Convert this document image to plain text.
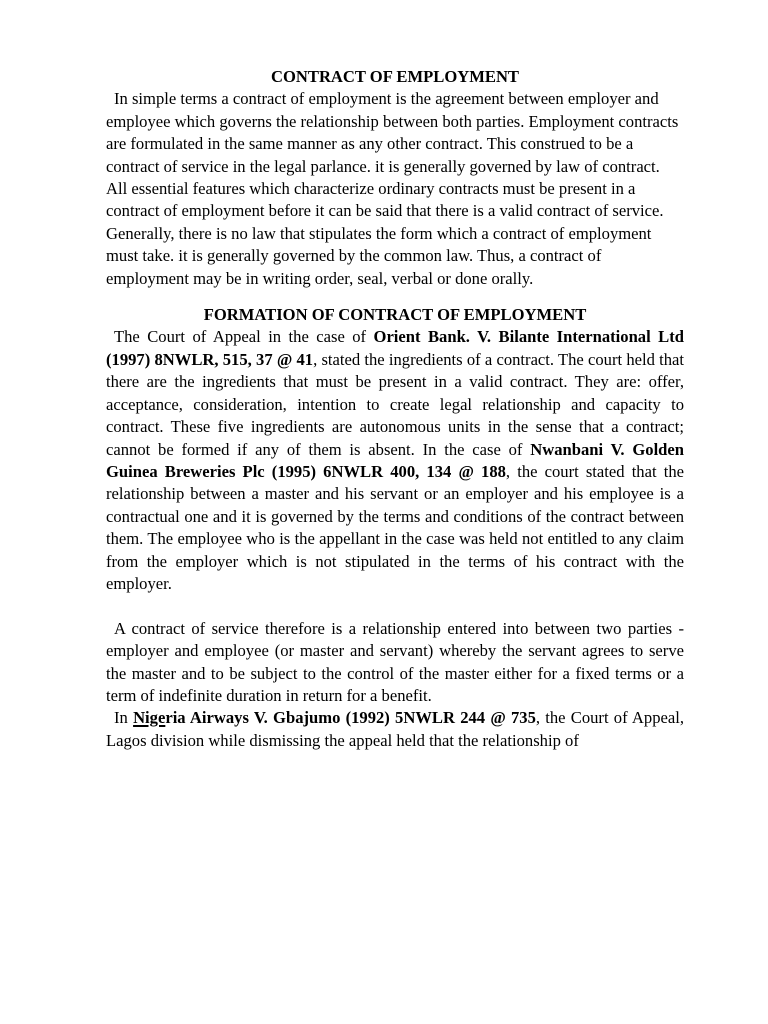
CONTRACT OF EMPLOYMENT

In simple terms a contract of employment is the agreement between employer and employee which governs the relationship between both parties. Employment contracts are formulated in the same manner as any other contract. This construed to be a contract of service in the legal parlance. it is generally governed by law of contract. All essential features which characterize ordinary contracts must be present in a contract of employment before it can be said that there is a valid contract of service. Generally, there is no law that stipulates the form which a contract of employment must take. it is generally governed by the common law. Thus, a contract of employment may be in writing order, seal, verbal or done orally.

FORMATION OF CONTRACT OF EMPLOYMENT

The Court of Appeal in the case of Orient Bank. V. Bilante International Ltd (1997) 8NWLR, 515, 37 @ 41, stated the ingredients of a contract. The court held that there are the ingredients that must be present in a valid contract. They are: offer, acceptance, consideration, intention to create legal relationship and capacity to contract. These five ingredients are autonomous units in the sense that a contract; cannot be formed if any of them is absent. In the case of Nwanbani V. Golden Guinea Breweries Plc (1995) 6NWLR 400, 134 @ 188, the court stated that the relationship between a master and his servant or an employer and his employee is a contractual one and it is governed by the terms and conditions of the contract between them. The employee who is the appellant in the case was held not entitled to any claim from the employer which is not stipulated in the terms of his contract with the employer.

A contract of service therefore is a relationship entered into between two parties - employer and employee (or master and servant) whereby the servant agrees to serve the master and to be subject to the control of the master either for a fixed terms or a term of indefinite duration in return for a benefit.

In Nigeria Airways V. Gbajumo (1992) 5NWLR 244 @ 735, the Court of Appeal, Lagos division while dismissing the appeal held that the relationship of
